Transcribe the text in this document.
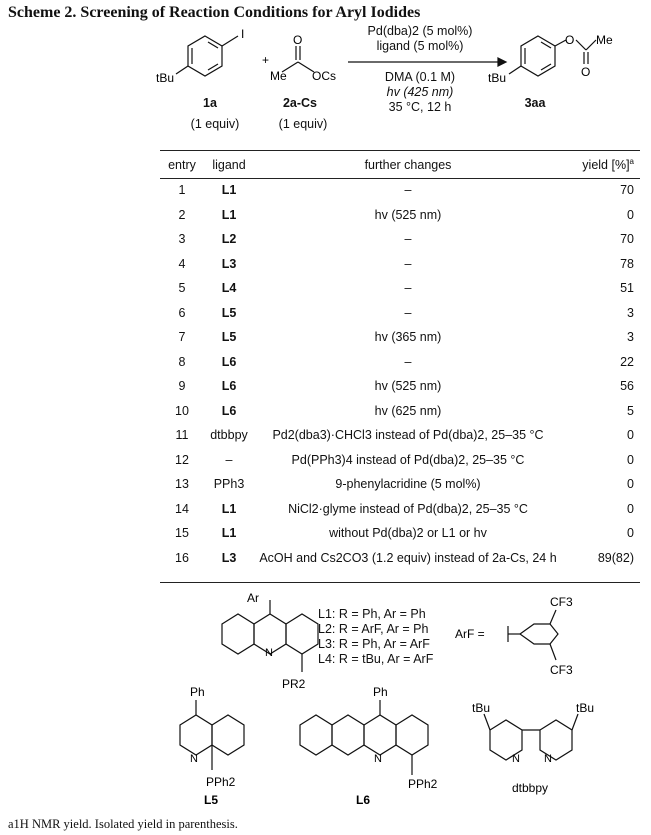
Scheme 2. Screening of Reaction Conditions for Aryl Iodides
I
tBu
+
Me OCs
O
tBu
O
O
Me
Pd(dba)2 (5 mol%)
ligand (5 mol%)
DMA (0.1 M)
hv (425 nm)
35 °C, 12 h
1a
(1 equiv)
2a-Cs
(1 equiv)
3aa
entry	ligand	further changes	yield [%]$^a$
1	L1	–	70
2	L1	hv (525 nm)	0
3	L2	–	70
4	L3	–	78
5	L4	–	51
6	L5	–	3
7	L5	hv (365 nm)	3
8	L6	–	22
9	L6	hv (525 nm)	56
10	L6	hv (625 nm)	5
11	dtbbpy	Pd2(dba3)·CHCl3 instead of Pd(dba)2, 25–35 °C	0
12	–	Pd(PPh3)4 instead of Pd(dba)2, 25–35 °C	0
13	PPh3	9-phenylacridine (5 mol%)	0
14	L1	NiCl2·glyme instead of Pd(dba)2, 25–35 °C	0
15	L1	without Pd(dba)2 or L1 or hv	0
16	L3	AcOH and Cs2CO3 (1.2 equiv) instead of 2a-Cs, 24 h	89(82)
Ar
N
PR2
ArF =
CF3
CF3
Ph
N
PPh2
L5
Ph
N
PPh2
L6
tBu	tBu
N N
dtbbpy
L1: R = Ph, Ar = Ph
L2: R = ArF, Ar = Ph
L3: R = Ph, Ar = ArF
L4: R = tBu, Ar = ArF
a1H NMR yield. Isolated yield in parenthesis.
